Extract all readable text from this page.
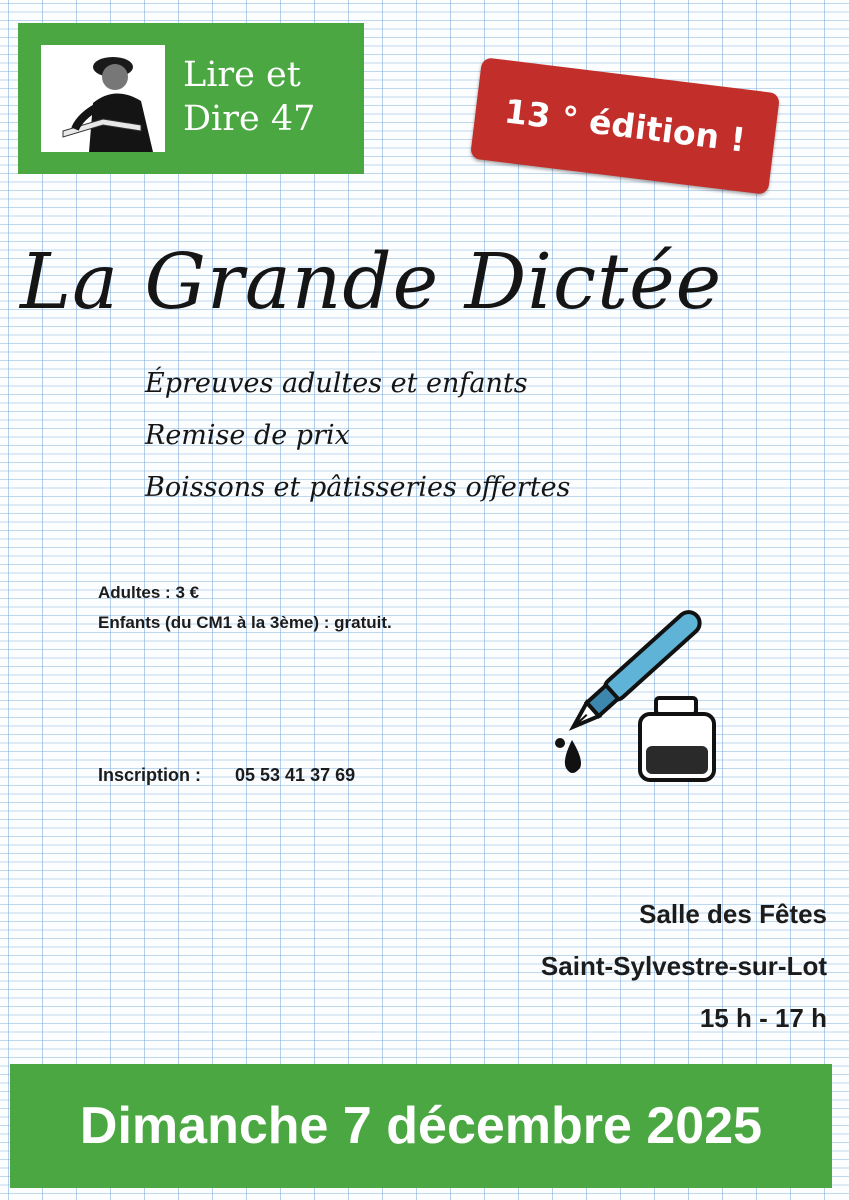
Lire et
Dire 47	13 ° édition !
La Grande Dictée
Épreuves adultes et enfants
Remise de prix
Boissons et pâtisseries offertes
Adultes : 3 €
Enfants (du CM1 à la 3ème) : gratuit.
Inscription : 05 53 41 37 69
Salle des Fêtes
Saint-Sylvestre-sur-Lot
15 h - 17 h
Dimanche 7 décembre 2025
